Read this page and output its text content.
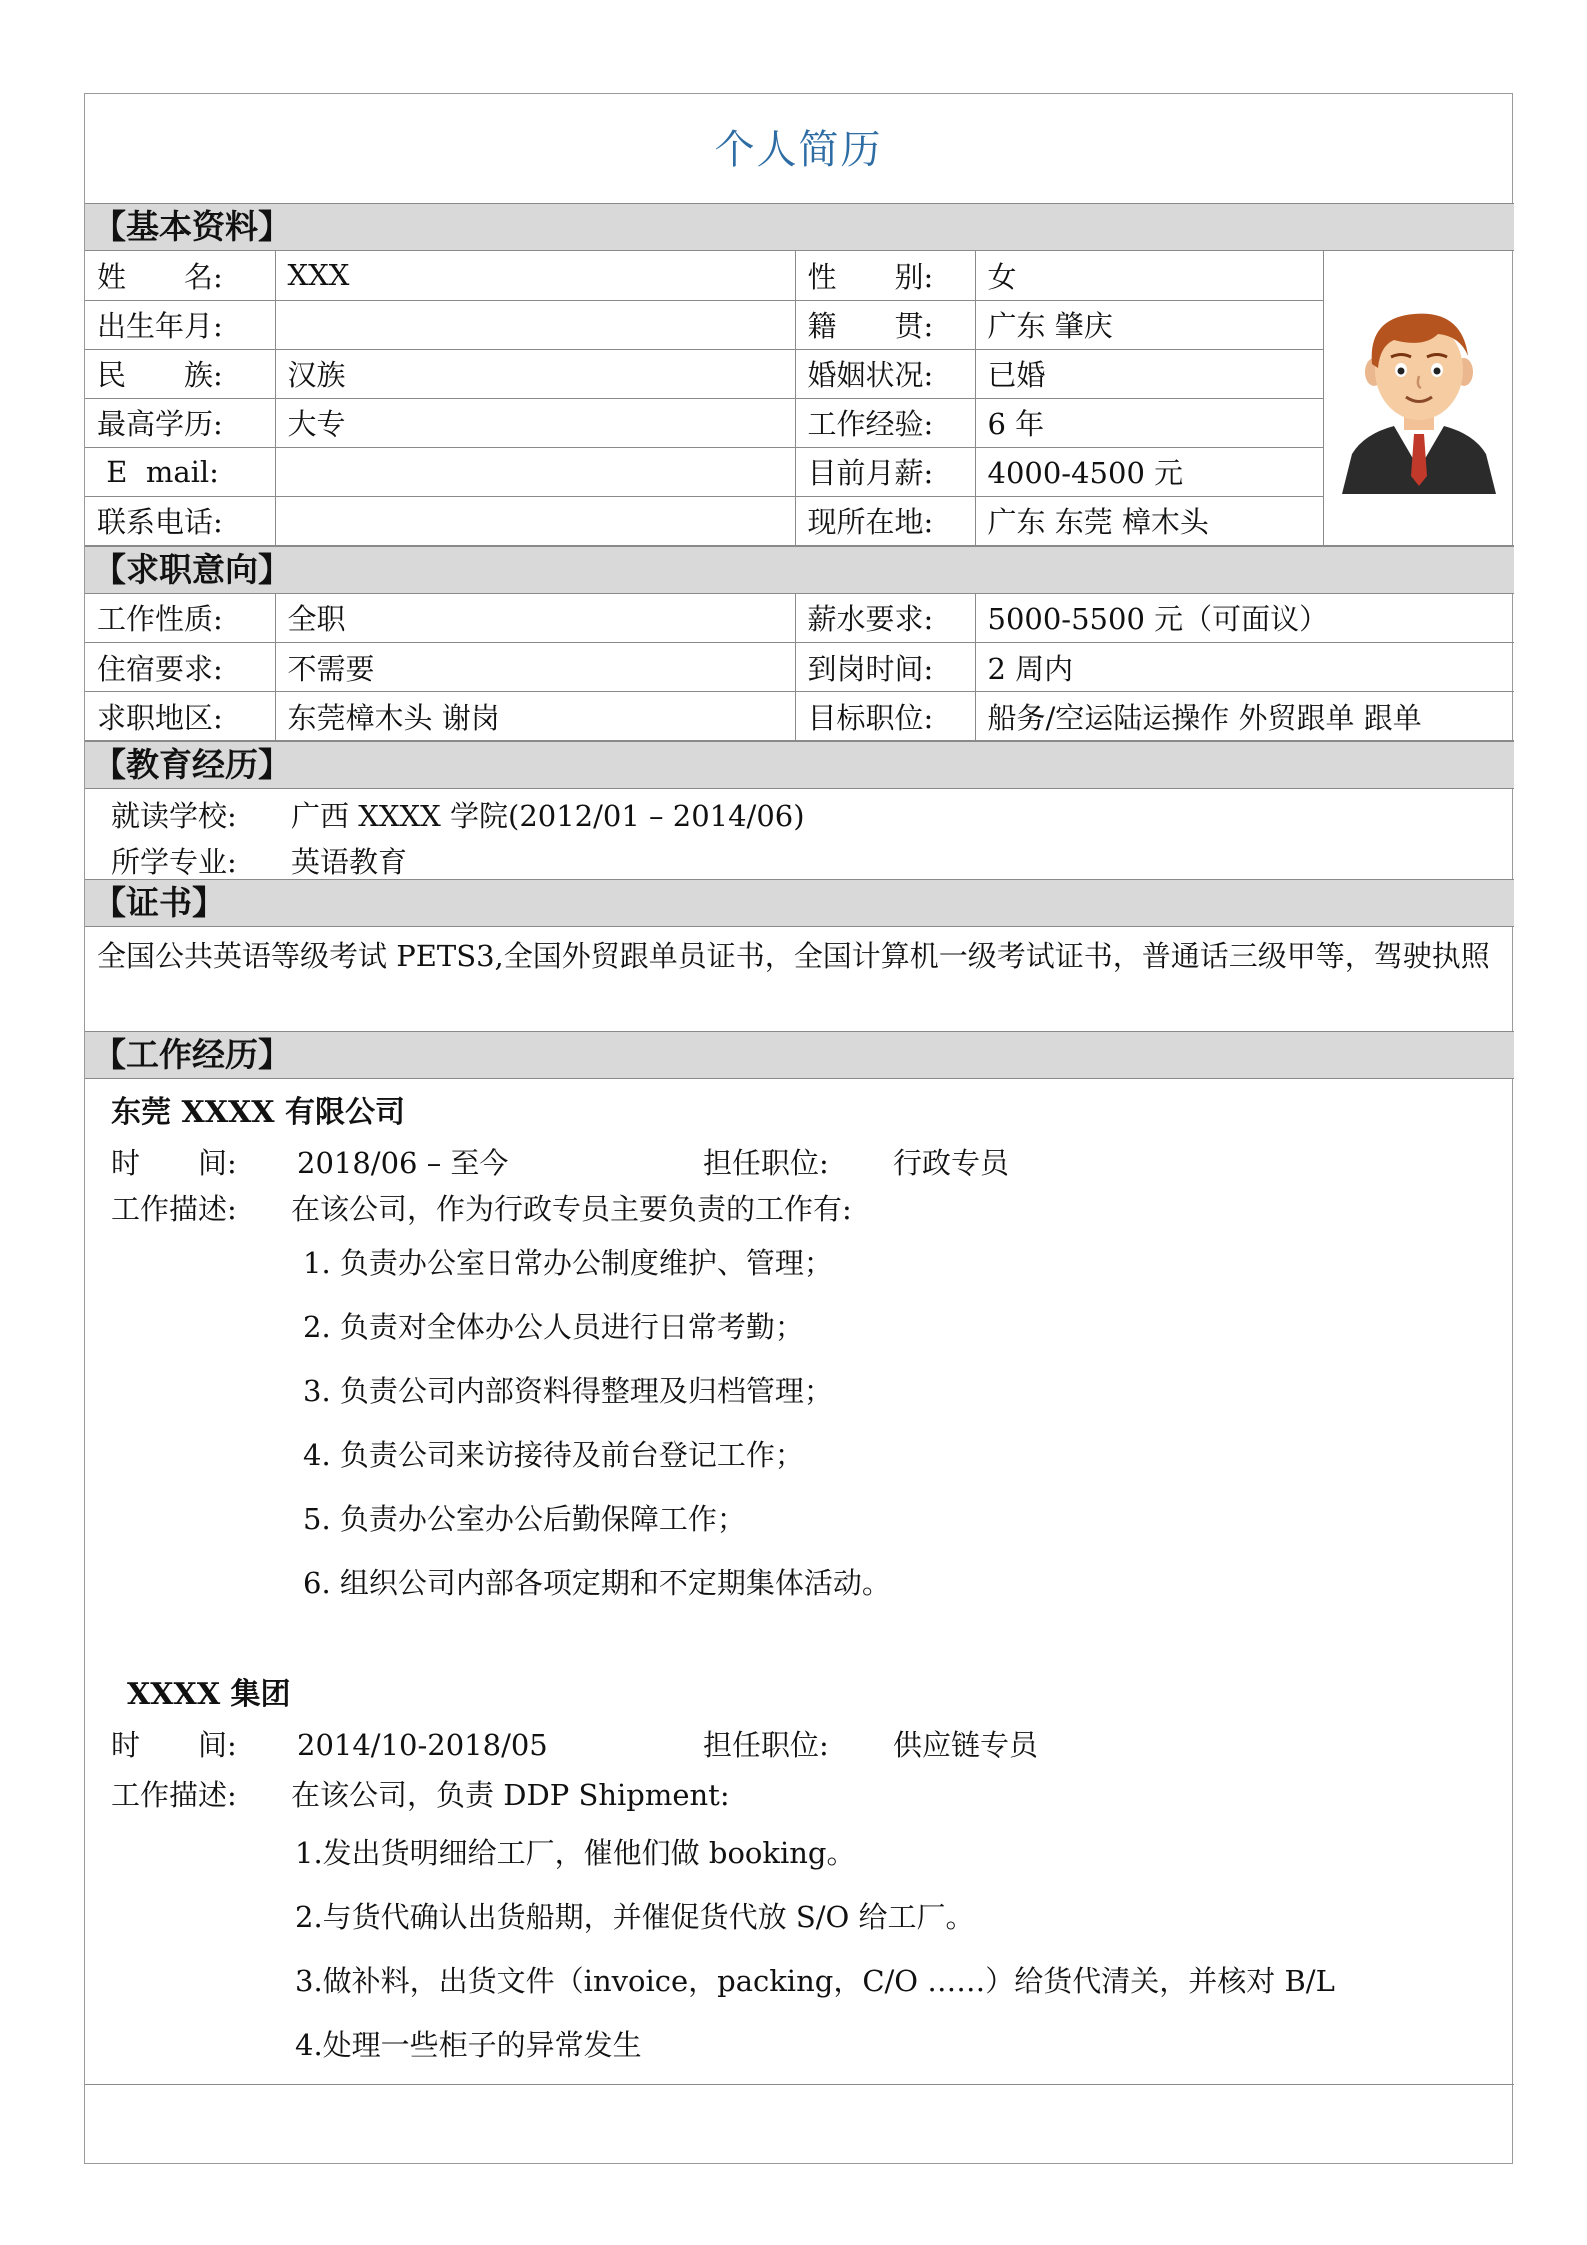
个人简历
【基本资料】
姓　　名:	XXX	性　　别:	女	
出生年月:		籍　　贯:	广东 肇庆	
民　　族:	汉族	婚姻状况:	已婚	
最高学历:	大专	工作经验:	6 年	
E  mail:		目前月薪:	4000-4500 元	
联系电话:		现所在地:	广东 东莞 樟木头	
【求职意向】
工作性质:	全职	薪水要求:	5000-5500 元（可面议）
住宿要求:	不需要	到岗时间:	2 周内
求职地区:	东莞樟木头 谢岗	目标职位:	船务/空运陆运操作 外贸跟单 跟单
【教育经历】
就读学校: 广西 XXXX 学院(2012/01 – 2014/06)
所学专业: 英语教育
【证书】
全国公共英语等级考试 PETS3,全国外贸跟单员证书，全国计算机一级考试证书，普通话三级甲等，驾驶执照
【工作经历】
东莞 XXXX 有限公司
时　　间: 2018/06 – 至今	担任职位: 行政专员
工作描述: 在该公司，作为行政专员主要负责的工作有:
1. 负责办公室日常办公制度维护、管理；
2. 负责对全体办公人员进行日常考勤；
3. 负责公司内部资料得整理及归档管理；
4. 负责公司来访接待及前台登记工作；
5. 负责办公室办公后勤保障工作；
6. 组织公司内部各项定期和不定期集体活动。
XXXX 集团
时　　间: 2014/10-2018/05	担任职位: 供应链专员
工作描述: 在该公司，负责 DDP Shipment:
1.发出货明细给工厂，催他们做 booking。
2.与货代确认出货船期，并催促货代放 S/O 给工厂。
3.做补料，出货文件（invoice，packing，C/O ……）给货代清关，并核对 B/L
4.处理一些柜子的异常发生
